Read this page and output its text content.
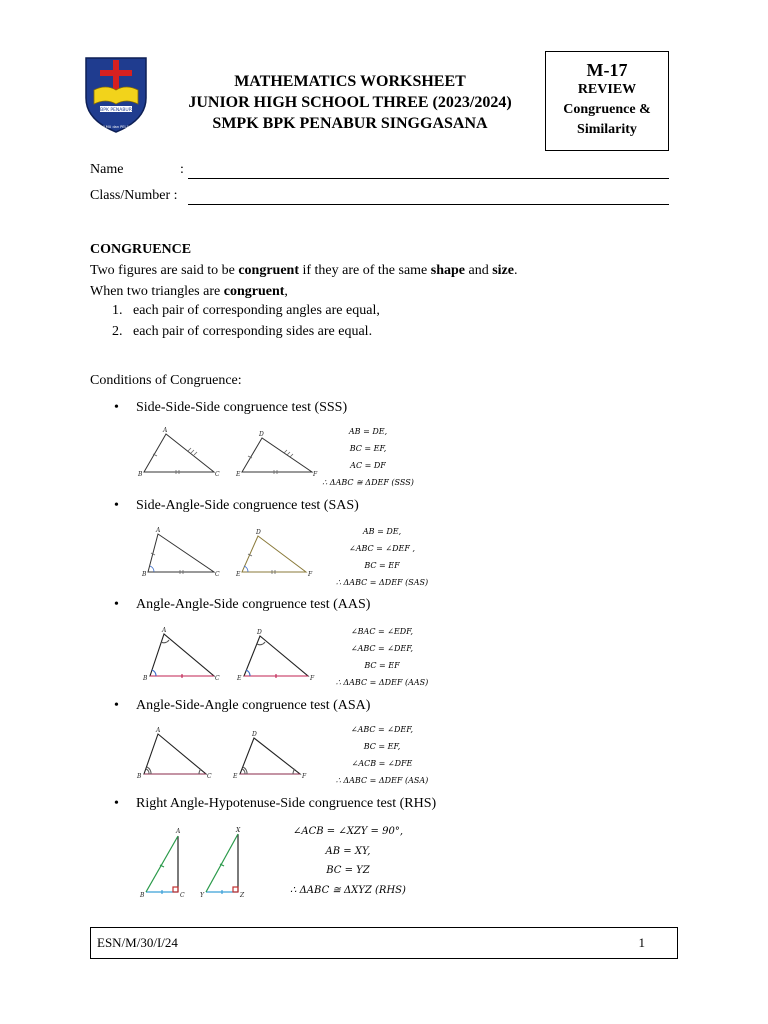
BPK PENABUR
IMAN, ILMU dan PELAYANAN
MATHEMATICS WORKSHEET
JUNIOR HIGH SCHOOL THREE (2023/2024)
SMPK BPK PENABUR SINGGASANA
M-17
REVIEW
Congruence &
Similarity
Name	:
Class/Number :
CONGRUENCE
Two figures are said to be congruent if they are of the same shape and size.
When two triangles are congruent,
1. each pair of corresponding angles are equal,
2. each pair of corresponding sides are equal.
Conditions of Congruence:
• Side-Side-Side congruence test (SSS)
A
B	C
D
E	F
AB = DE,
BC = EF,
AC = DF
∴ ΔABC ≅ ΔDEF (SSS)
• Side-Angle-Side congruence test (SAS)
A
B	C
D
E	F
AB = DE,
∠ABC = ∠DEF ,
BC = EF
∴ ΔABC = ΔDEF (SAS)
• Angle-Angle-Side congruence test (AAS)
A
B	C
D
E	F
∠BAC = ∠EDF,
∠ABC = ∠DEF,
BC = EF
∴ ΔABC = ΔDEF (AAS)
• Angle-Side-Angle congruence test (ASA)
A
B	C
D
E	F
∠ABC = ∠DEF,
BC = EF,
∠ACB = ∠DFE
∴ ΔABC = ΔDEF (ASA)
• Right Angle-Hypotenuse-Side congruence test (RHS)
A
B	C
X
Y	Z
∠ACB = ∠XZY = 90°,
AB = XY,
BC = YZ
∴ ΔABC ≅ ΔXYZ (RHS)
ESN/M/30/I/24	1
